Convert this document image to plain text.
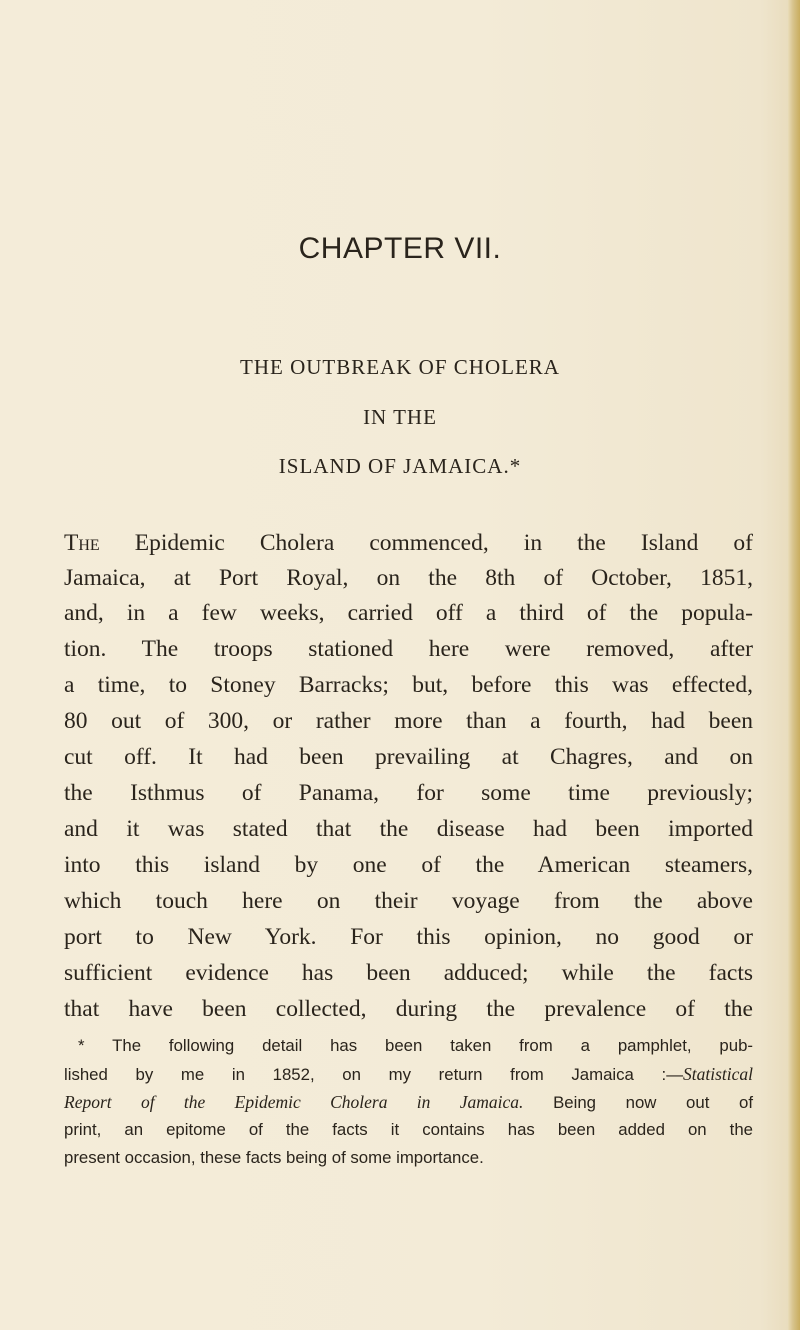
CHAPTER VII.
THE OUTBREAK OF CHOLERA
IN THE
ISLAND OF JAMAICA.*
The Epidemic Cholera commenced, in the Island of
Jamaica, at Port Royal, on the 8th of October, 1851,
and, in a few weeks, carried off a third of the popula-
tion. The troops stationed here were removed, after
a time, to Stoney Barracks; but, before this was effected,
80 out of 300, or rather more than a fourth, had been
cut off. It had been prevailing at Chagres, and on
the Isthmus of Panama, for some time previously;
and it was stated that the disease had been imported
into this island by one of the American steamers,
which touch here on their voyage from the above
port to New York. For this opinion, no good or
sufficient evidence has been adduced; while the facts
that have been collected, during the prevalence of the
* The following detail has been taken from a pamphlet, pub-
lished by me in 1852, on my return from Jamaica :—Statistical
Report of the Epidemic Cholera in Jamaica. Being now out of
print, an epitome of the facts it contains has been added on the
present occasion, these facts being of some importance.
